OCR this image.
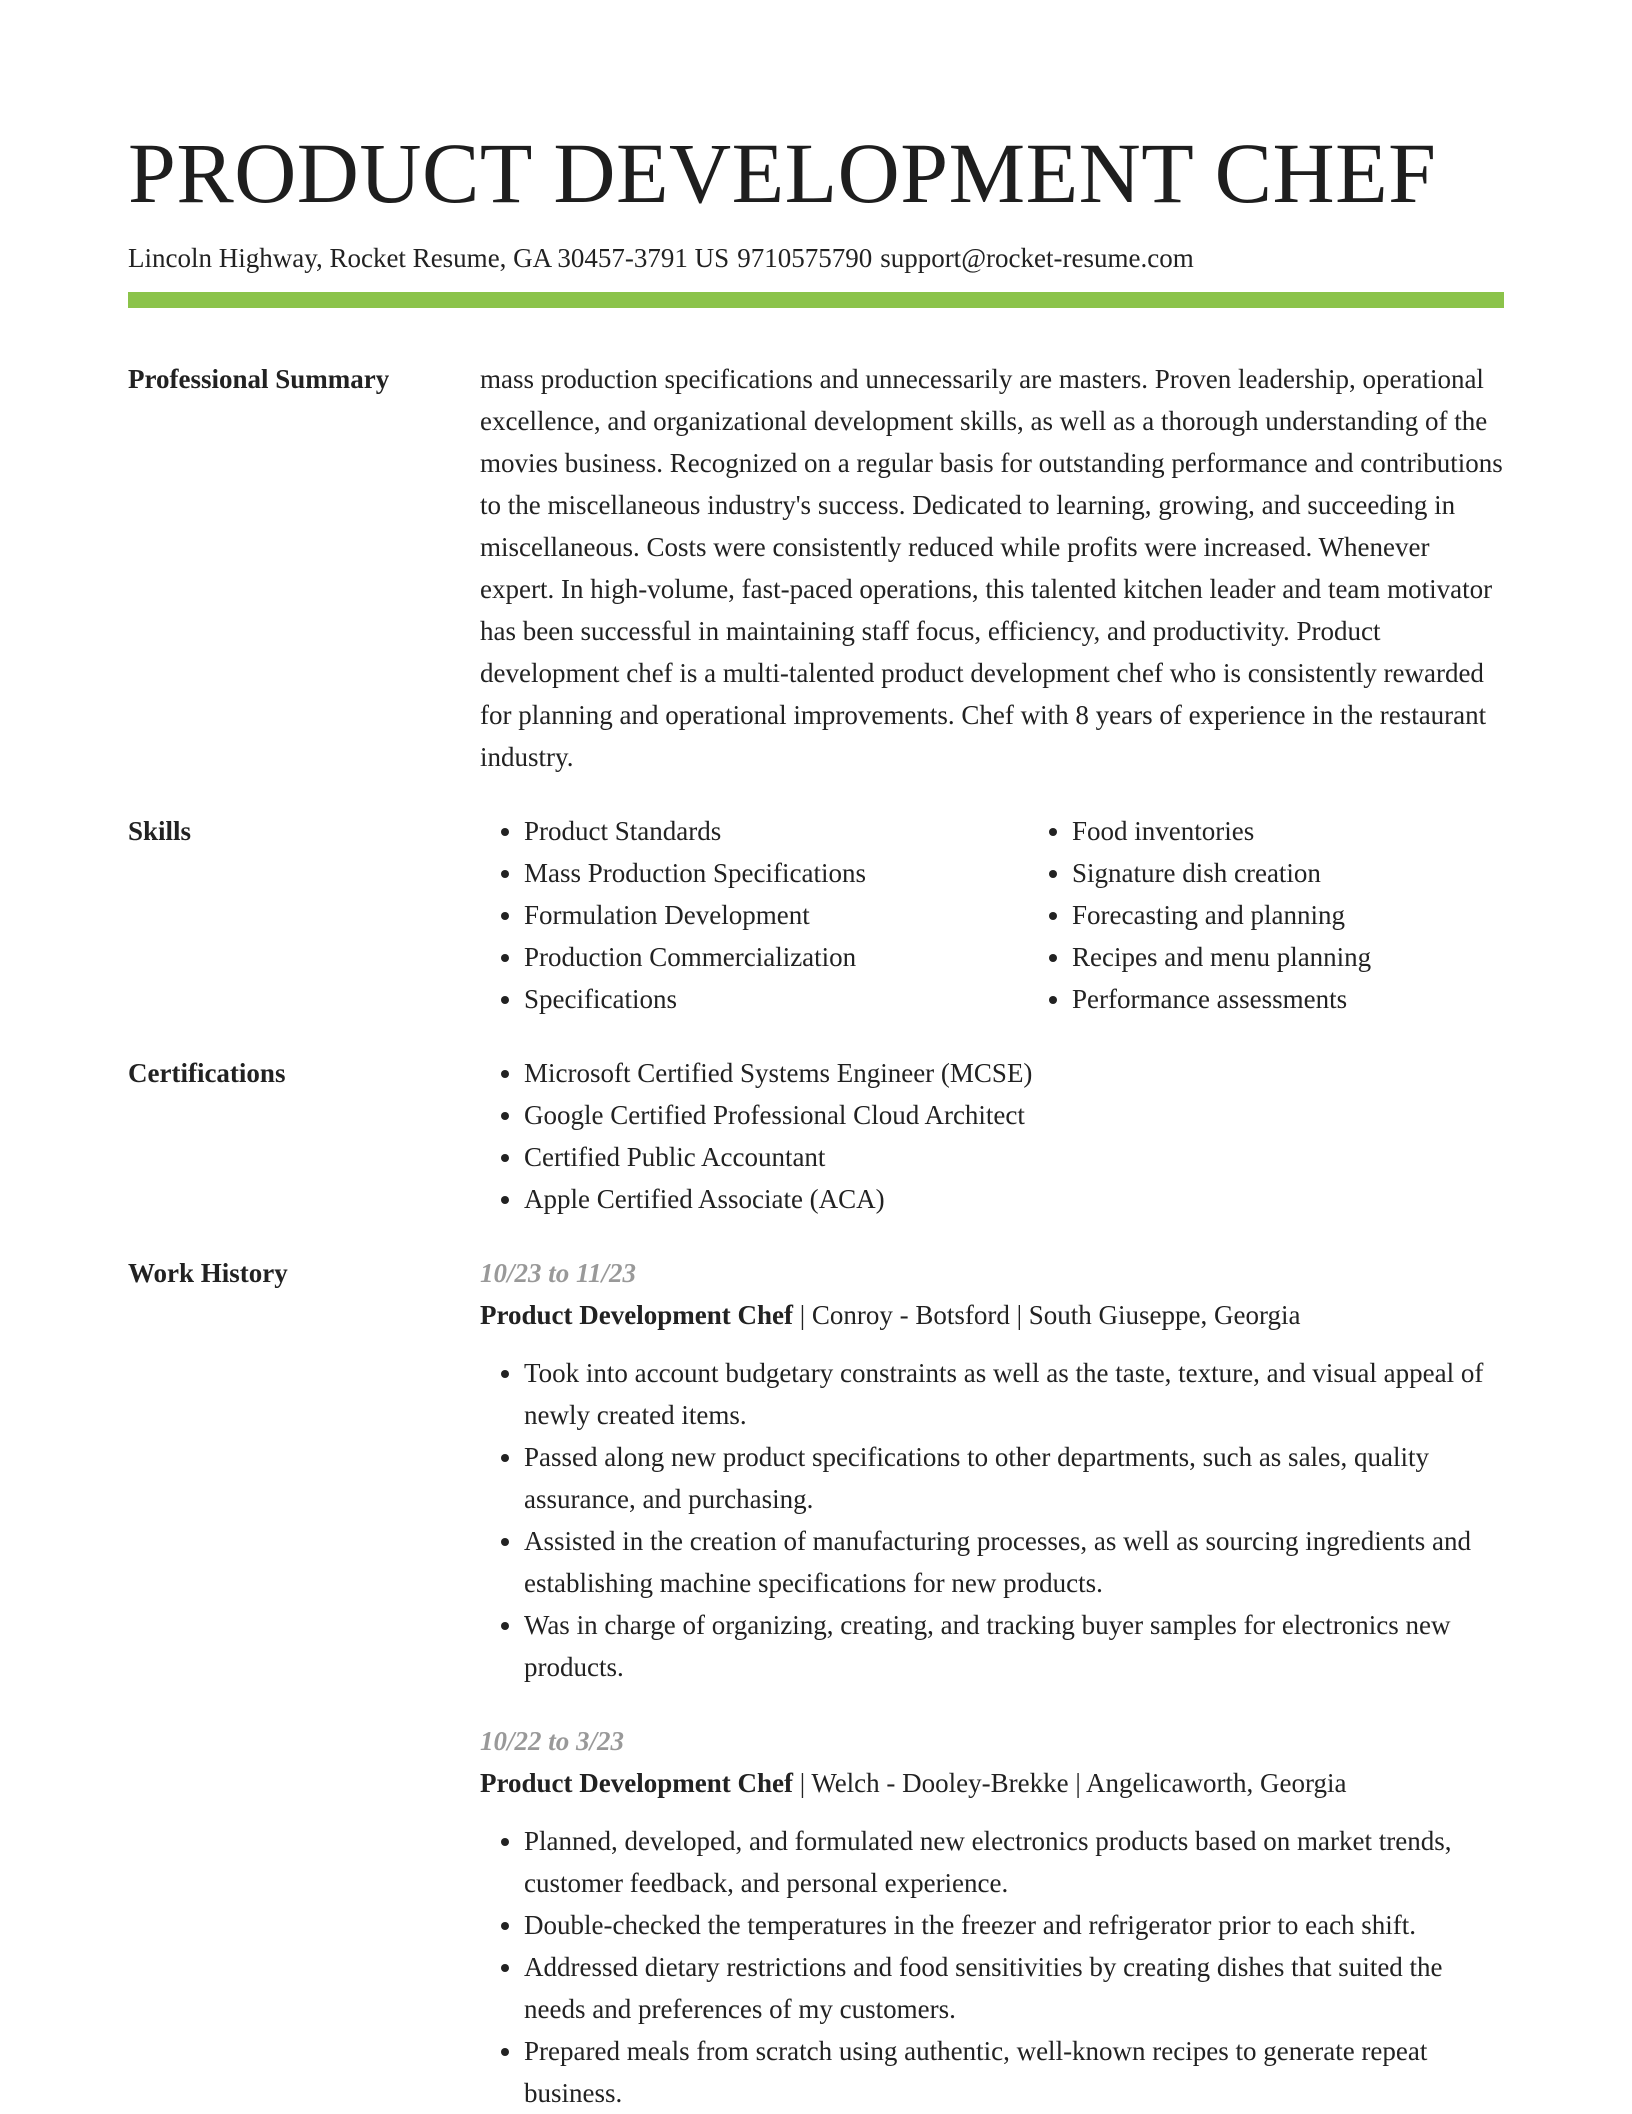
PRODUCT DEVELOPMENT CHEF
Lincoln Highway, Rocket Resume, GA 30457-3791 US 9710575790 support@rocket-resume.com
Professional Summary	mass production specifications and unnecessarily are masters. Proven leadership, operational excellence, and organizational development skills, as well as a thorough understanding of the movies business. Recognized on a regular basis for outstanding performance and contributions to the miscellaneous industry's success. Dedicated to learning, growing, and succeeding in miscellaneous. Costs were consistently reduced while profits were increased. Whenever expert. In high-volume, fast-paced operations, this talented kitchen leader and team motivator has been successful in maintaining staff focus, efficiency, and productivity. Product development chef is a multi-talented product development chef who is consistently rewarded for planning and operational improvements. Chef with 8 years of experience in the restaurant industry.
Skills	• Product Standards
• Mass Production Specifications
• Formulation Development
• Production Commercialization
• Specifications
• Food inventories
• Signature dish creation
• Forecasting and planning
• Recipes and menu planning
• Performance assessments
Certifications	• Microsoft Certified Systems Engineer (MCSE)
• Google Certified Professional Cloud Architect
• Certified Public Accountant
• Apple Certified Associate (ACA)
Work History	10/23 to 11/23
Product Development Chef | Conroy - Botsford | South Giuseppe, Georgia
• Took into account budgetary constraints as well as the taste, texture, and visual appeal of newly created items.
• Passed along new product specifications to other departments, such as sales, quality assurance, and purchasing.
• Assisted in the creation of manufacturing processes, as well as sourcing ingredients and establishing machine specifications for new products.
• Was in charge of organizing, creating, and tracking buyer samples for electronics new products.
10/22 to 3/23
Product Development Chef | Welch - Dooley-Brekke | Angelicaworth, Georgia
• Planned, developed, and formulated new electronics products based on market trends, customer feedback, and personal experience.
• Double-checked the temperatures in the freezer and refrigerator prior to each shift.
• Addressed dietary restrictions and food sensitivities by creating dishes that suited the needs and preferences of my customers.
• Prepared meals from scratch using authentic, well-known recipes to generate repeat business.
